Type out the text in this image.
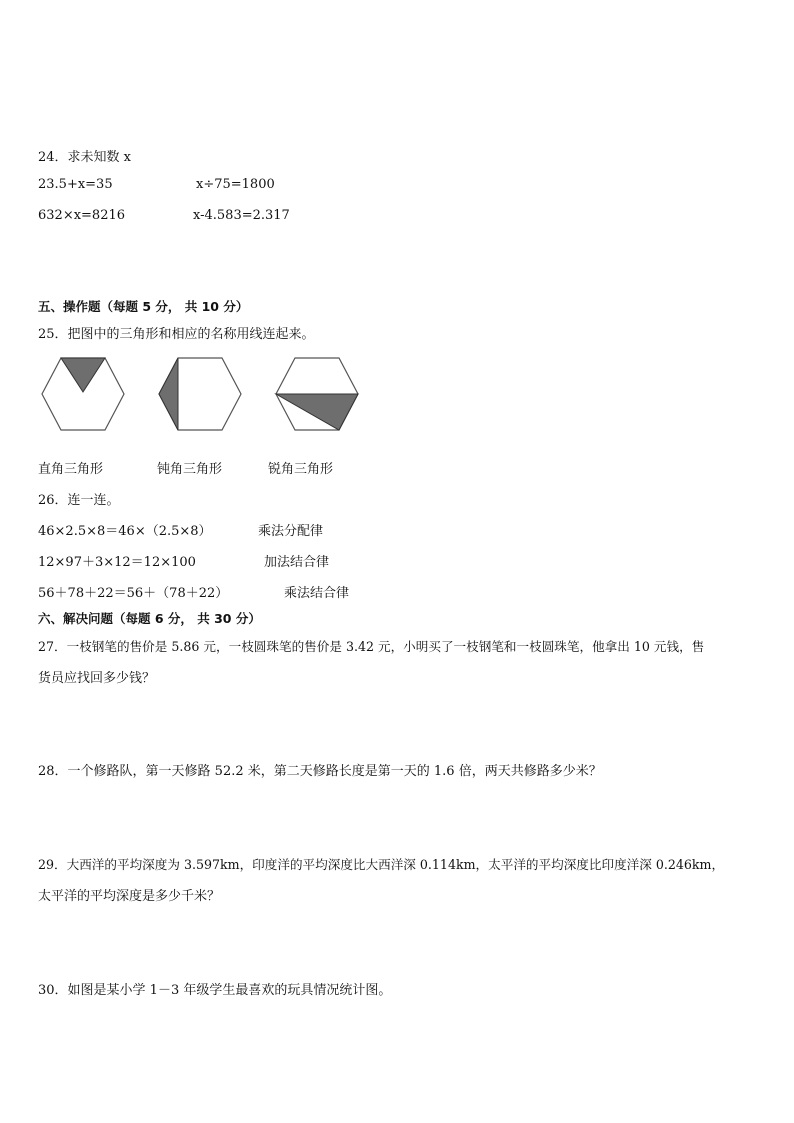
24．求未知数 x
23.5+x=35	x÷75=1800
632×x=8216	x-4.583=2.317
五、操作题（每题 5 分， 共 10 分）
25．把图中的三角形和相应的名称用线连起来。
直角三角形	钝角三角形	锐角三角形
26．连一连。
46×2.5×8＝46×（2.5×8）	乘法分配律
12×97＋3×12＝12×100	加法结合律
56＋78＋22＝56＋（78＋22）	乘法结合律
六、解决问题（每题 6 分， 共 30 分）
27．一枝钢笔的售价是 5.86 元，一枝圆珠笔的售价是 3.42 元，小明买了一枝钢笔和一枝圆珠笔，他拿出 10 元钱，售
货员应找回多少钱？
28．一个修路队，第一天修路 52.2 米，第二天修路长度是第一天的 1.6 倍，两天共修路多少米？
29．大西洋的平均深度为 3.597km，印度洋的平均深度比大西洋深 0.114km，太平洋的平均深度比印度洋深 0.246km，
太平洋的平均深度是多少千米？
30．如图是某小学 1－3 年级学生最喜欢的玩具情况统计图。
